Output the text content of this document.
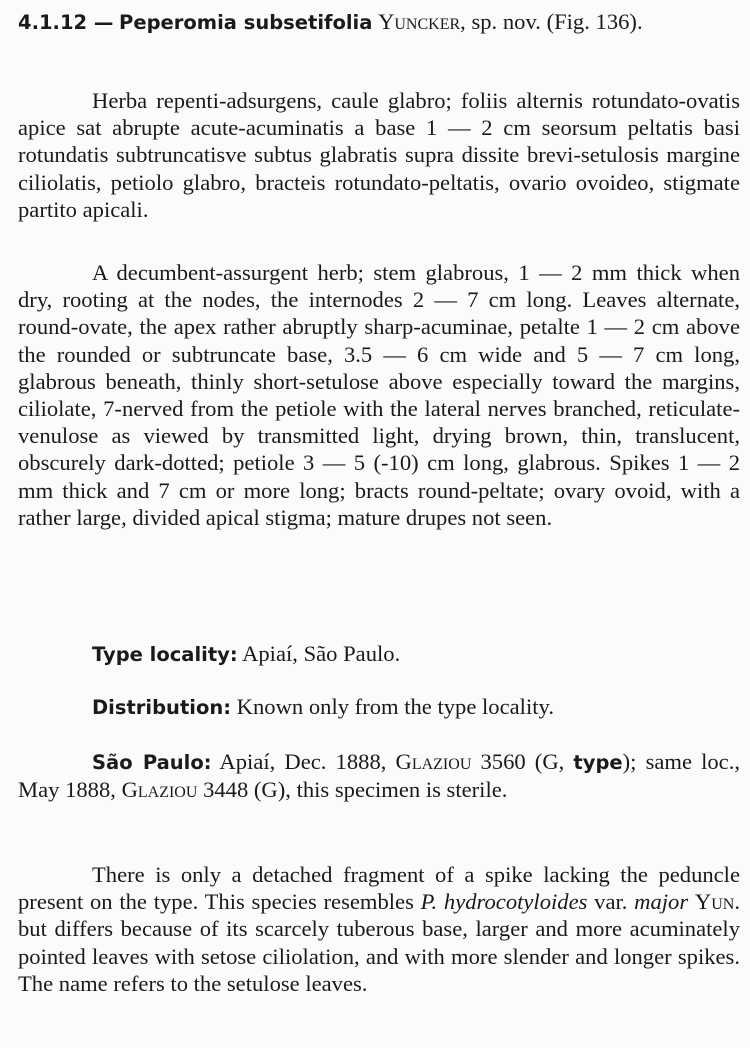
4.1.12 — Peperomia subsetifolia Yuncker, sp. nov. (Fig. 136).
Herba repenti-adsurgens, caule glabro; foliis alternis rotundato-ovatis apice sat abrupte acute-acuminatis a base 1 — 2 cm seorsum peltatis basi rotundatis subtruncatisve subtus glabratis supra dissite brevi-setulosis margine ciliolatis, petiolo glabro, bracteis rotundato-peltatis, ovario ovoideo, stigmate partito apicali.
A decumbent-assurgent herb; stem glabrous, 1 — 2 mm thick when dry, rooting at the nodes, the internodes 2 — 7 cm long. Leaves alternate, round-ovate, the apex rather abruptly sharp-acuminae, petalte 1 — 2 cm above the rounded or subtruncate base, 3.5 — 6 cm wide and 5 — 7 cm long, glabrous beneath, thinly short-setulose above especially toward the margins, ciliolate, 7-nerved from the petiole with the lateral nerves branched, reticulate-venulose as viewed by transmitted light, drying brown, thin, translucent, obscurely dark-dotted; petiole 3 — 5 (-10) cm long, glabrous. Spikes 1 — 2 mm thick and 7 cm or more long; bracts round-peltate; ovary ovoid, with a rather large, divided apical stigma; mature drupes not seen.
Type locality: Apiaí, São Paulo.
Distribution: Known only from the type locality.
São Paulo: Apiaí, Dec. 1888, Glaziou 3560 (G, type); same loc., May 1888, Glaziou 3448 (G), this specimen is sterile.
There is only a detached fragment of a spike lacking the peduncle present on the type. This species resembles P. hydrocotyloides var. major Yun. but differs because of its scarcely tuberous base, larger and more acuminately pointed leaves with setose ciliolation, and with more slender and longer spikes. The name refers to the setulose leaves.
